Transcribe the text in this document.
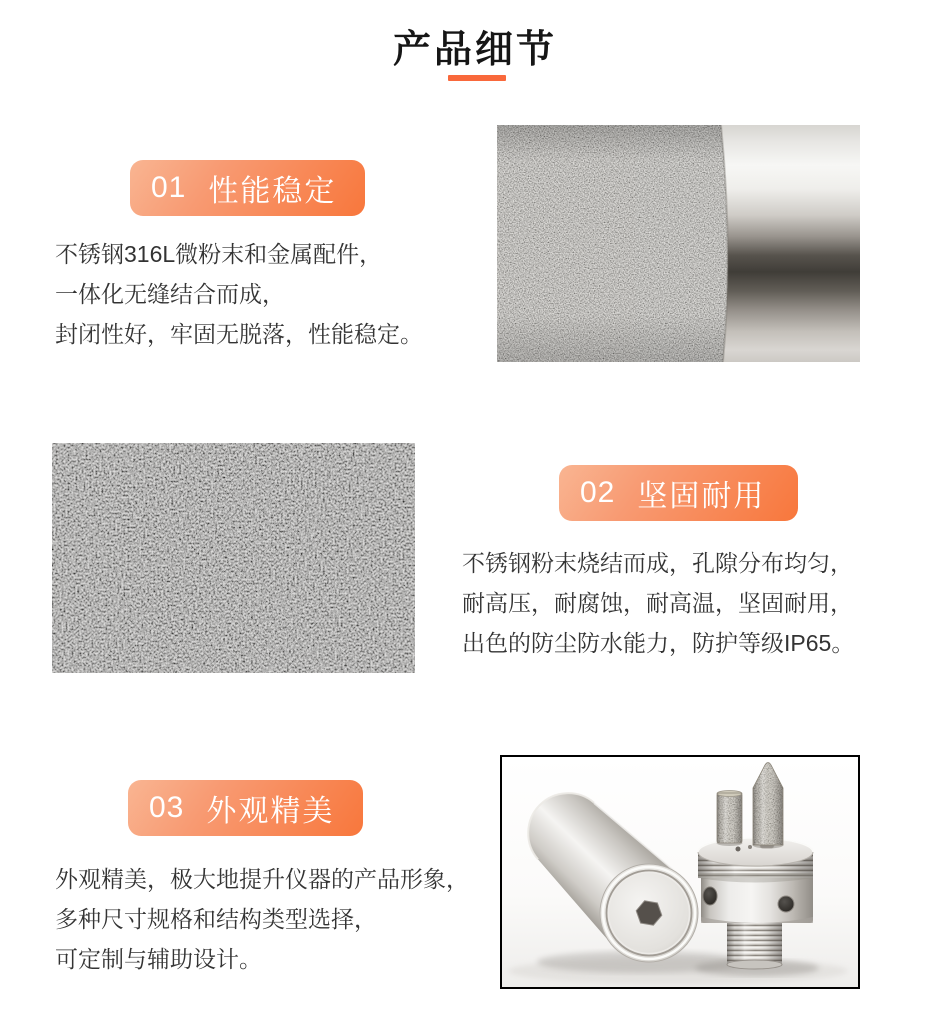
产品细节
01 性能稳定
不锈钢316L微粉末和金属配件，
一体化无缝结合而成，
封闭性好，牢固无脱落，性能稳定。
02 坚固耐用
不锈钢粉末烧结而成，孔隙分布均匀，
耐高压，耐腐蚀，耐高温，坚固耐用，
出色的防尘防水能力，防护等级IP65。
03 外观精美
外观精美，极大地提升仪器的产品形象，
多种尺寸规格和结构类型选择，
可定制与辅助设计。
